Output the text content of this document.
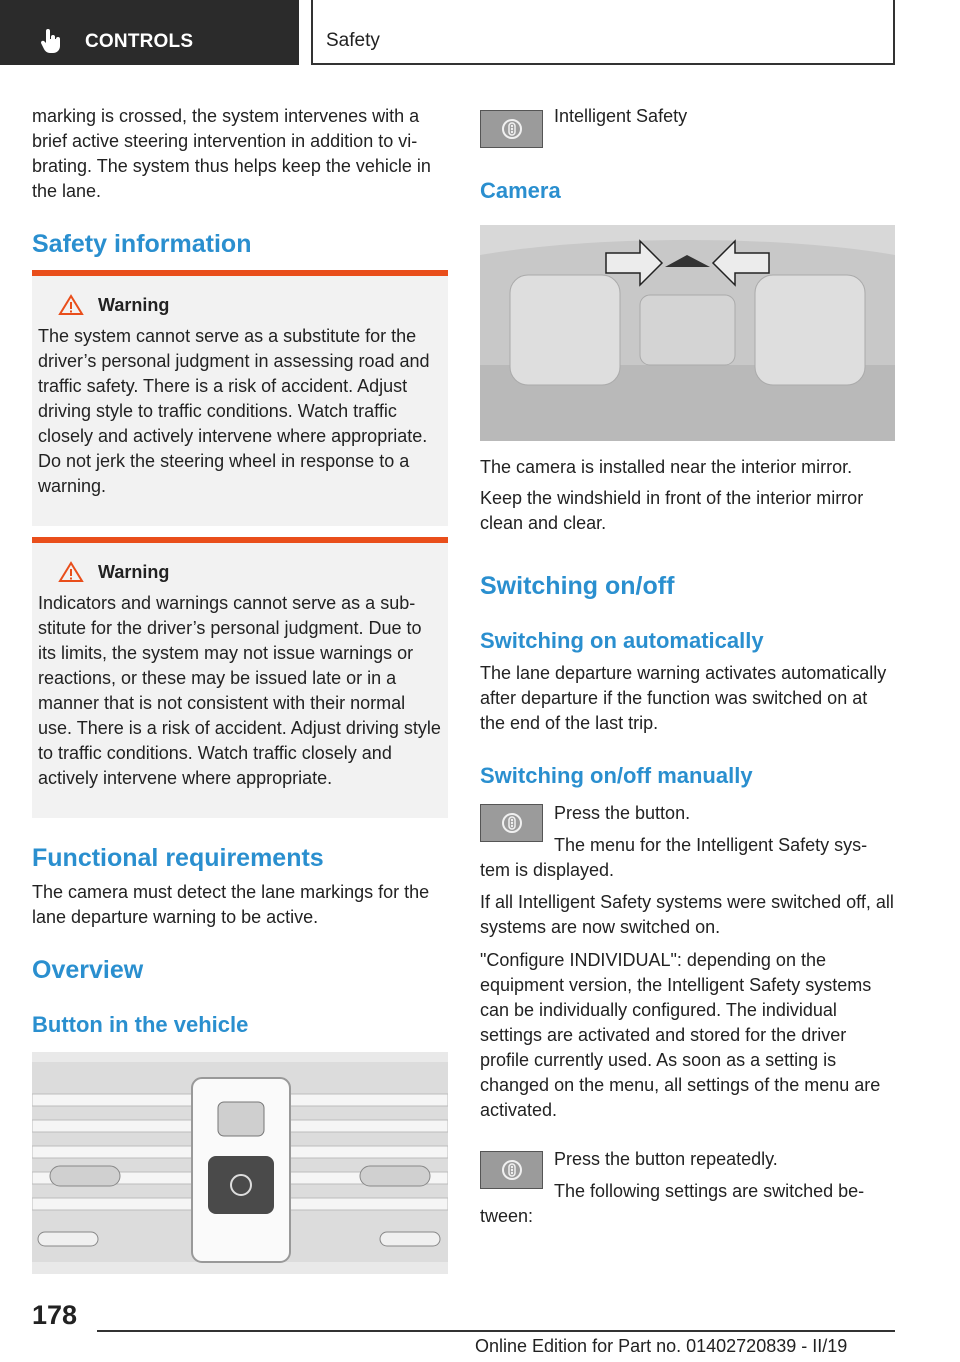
CONTROLS	Safety

marking is crossed, the system intervenes with a brief active steering intervention in addition to vibrating. The system thus helps keep the vehicle in the lane.

Safety information
Warning

The system cannot serve as a substitute for the driver’s personal judgment in assessing road and traffic safety. There is a risk of accident. Adjust driving style to traffic conditions. Watch traffic closely and actively intervene where appropriate. Do not jerk the steering wheel in response to a warning.

Warning

Indicators and warnings cannot serve as a substitute for the driver’s personal judgment. Due to its limits, the system may not issue warnings or reactions, or these may be issued late or in a manner that is not consistent with their normal use. There is a risk of accident. Adjust driving style to traffic conditions. Watch traffic closely and actively intervene where appropriate.

Functional requirements

The camera must detect the lane markings for the lane departure warning to be active.

Overview
Button in the vehicle

Intelligent Safety

Camera

The camera is installed near the interior mirror.

Keep the windshield in front of the interior mirror clean and clear.

Switching on/off
Switching on automatically

The lane departure warning activates automatically after departure if the function was switched on at the end of the last trip.

Switching on/off manually

Press the button.

The menu for the Intelligent Safety sys-

tem is displayed.

If all Intelligent Safety systems were switched off, all systems are now switched on.

"Configure INDIVIDUAL": depending on the equipment version, the Intelligent Safety systems can be individually configured. The individual settings are activated and stored for the driver profile currently used. As soon as a setting is changed on the menu, all settings of the menu are activated.

Press the button repeatedly.

The following settings are switched be-

tween:

178
Online Edition for Part no. 01402720839 - II/19
